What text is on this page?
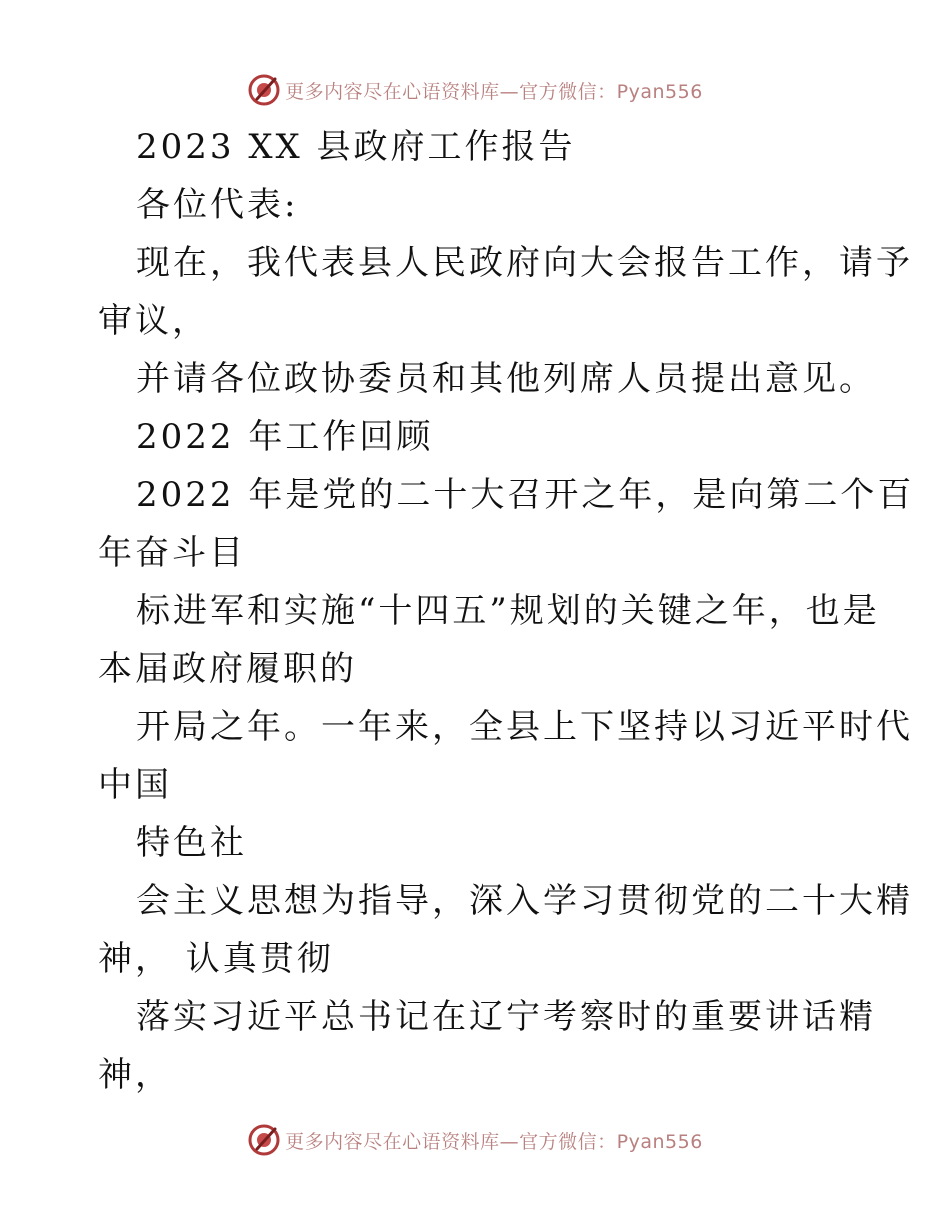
更多内容尽在心语资料库—官方微信：Pyan556
2023 XX 县政府工作报告
各位代表:
现在，我代表县人民政府向大会报告工作，请予
审议，
并请各位政协委员和其他列席人员提出意见。
2022 年工作回顾
2022 年是党的二十大召开之年，是向第二个百
年奋斗目
标进军和实施“十四五”规划的关键之年，也是
本届政府履职的
开局之年。一年来，全县上下坚持以习近平时代
中国
特色社
会主义思想为指导，深入学习贯彻党的二十大精
神， 认真贯彻
落实习近平总书记在辽宁考察时的重要讲话精
神，
更多内容尽在心语资料库—官方微信：Pyan556
